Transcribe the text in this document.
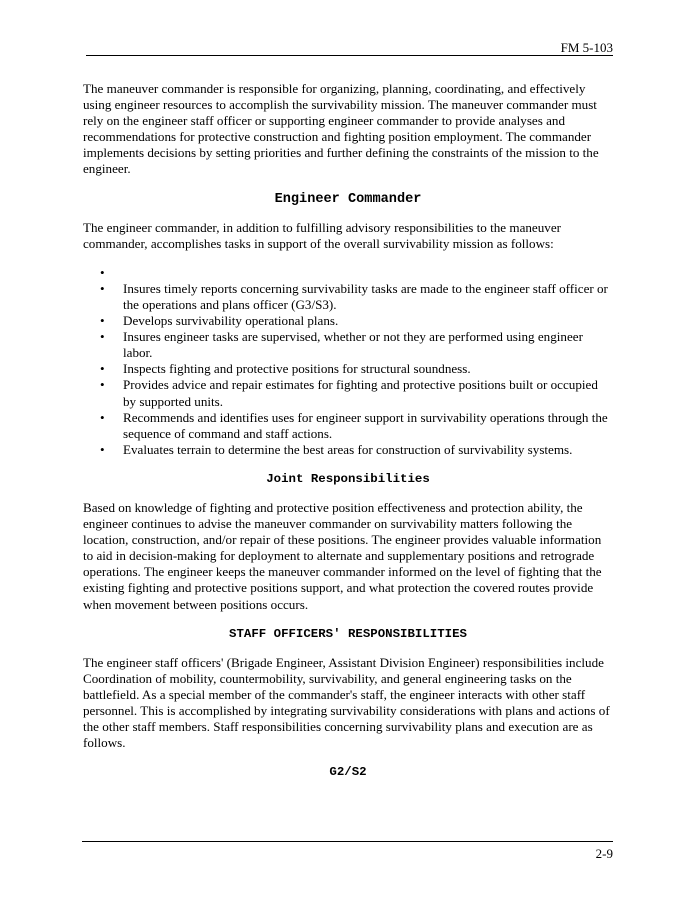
FM 5-103

The maneuver commander is responsible for organizing, planning, coordinating, and effectively using engineer resources to accomplish the survivability mission. The maneuver commander must rely on the engineer staff officer or supporting engineer commander to provide analyses and recommendations for protective construction and fighting position employment. The commander implements decisions by setting priorities and further defining the constraints of the mission to the engineer.

Engineer Commander

The engineer commander, in addition to fulfilling advisory responsibilities to the maneuver commander, accomplishes tasks in support of the overall survivability mission as follows:

•
• Insures timely reports concerning survivability tasks are made to the engineer staff officer or the operations and plans officer (G3/S3).
• Develops survivability operational plans.
• Insures engineer tasks are supervised, whether or not they are performed using engineer labor.
• Inspects fighting and protective positions for structural soundness.
• Provides advice and repair estimates for fighting and protective positions built or occupied by supported units.
• Recommends and identifies uses for engineer support in survivability operations through the sequence of command and staff actions.
• Evaluates terrain to determine the best areas for construction of survivability systems.

Joint Responsibilities

Based on knowledge of fighting and protective position effectiveness and protection ability, the engineer continues to advise the maneuver commander on survivability matters following the location, construction, and/or repair of these positions. The engineer provides valuable information to aid in decision-making for deployment to alternate and supplementary positions and retrograde operations. The engineer keeps the maneuver commander informed on the level of fighting that the existing fighting and protective positions support, and what protection the covered routes provide when movement between positions occurs.

STAFF OFFICERS' RESPONSIBILITIES

The engineer staff officers' (Brigade Engineer, Assistant Division Engineer) responsibilities include Coordination of mobility, countermobility, survivability, and general engineering tasks on the battlefield. As a special member of the commander's staff, the engineer interacts with other staff personnel. This is accomplished by integrating survivability considerations with plans and actions of the other staff members. Staff responsibilities concerning survivability plans and execution are as follows.

G2/S2

2-9
